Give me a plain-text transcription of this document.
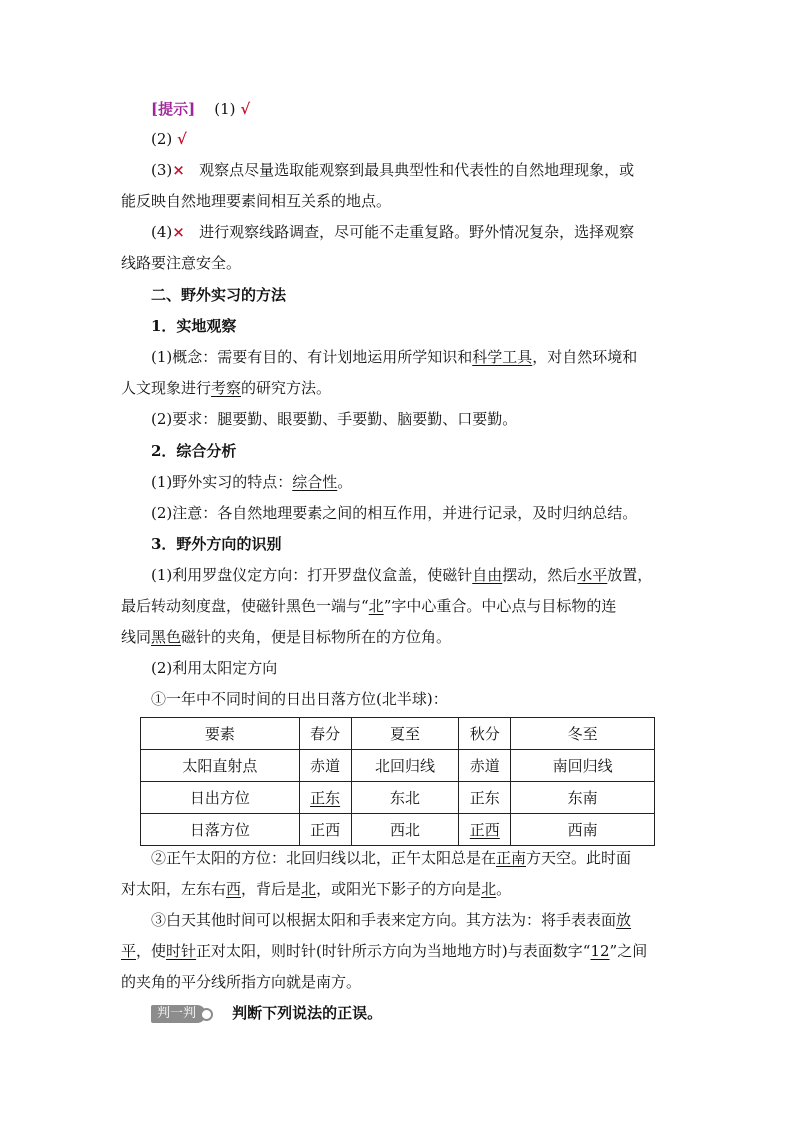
[提示] (1) √
(2) √
(3)× 观察点尽量选取能观察到最具典型性和代表性的自然地理现象，或
能反映自然地理要素间相互关系的地点。
(4)× 进行观察线路调查，尽可能不走重复路。野外情况复杂，选择观察
线路要注意安全。
二、野外实习的方法
1．实地观察
(1)概念：需要有目的、有计划地运用所学知识和科学工具，对自然环境和
人文现象进行考察的研究方法。
(2)要求：腿要勤、眼要勤、手要勤、脑要勤、口要勤。
2．综合分析
(1)野外实习的特点：综合性。
(2)注意：各自然地理要素之间的相互作用，并进行记录，及时归纳总结。
3．野外方向的识别
(1)利用罗盘仪定方向：打开罗盘仪盒盖，使磁针自由摆动，然后水平放置，
最后转动刻度盘，使磁针黑色一端与“北”字中心重合。中心点与目标物的连
线同黑色磁针的夹角，便是目标物所在的方位角。
(2)利用太阳定方向
①一年中不同时间的日出日落方位(北半球)：
要素	春分	夏至	秋分	冬至
太阳直射点	赤道	北回归线	赤道	南回归线
日出方位	正东	东北	正东	东南
日落方位	正西	西北	正西	西南
②正午太阳的方位：北回归线以北，正午太阳总是在正南方天空。此时面
对太阳，左东右西，背后是北，或阳光下影子的方向是北。
③白天其他时间可以根据太阳和手表来定方向。其方法为：将手表表面放
平，使时针正对太阳，则时针(时针所示方向为当地地方时)与表面数字“12”之间
的夹角的平分线所指方向就是南方。
判一判 判断下列说法的正误。
